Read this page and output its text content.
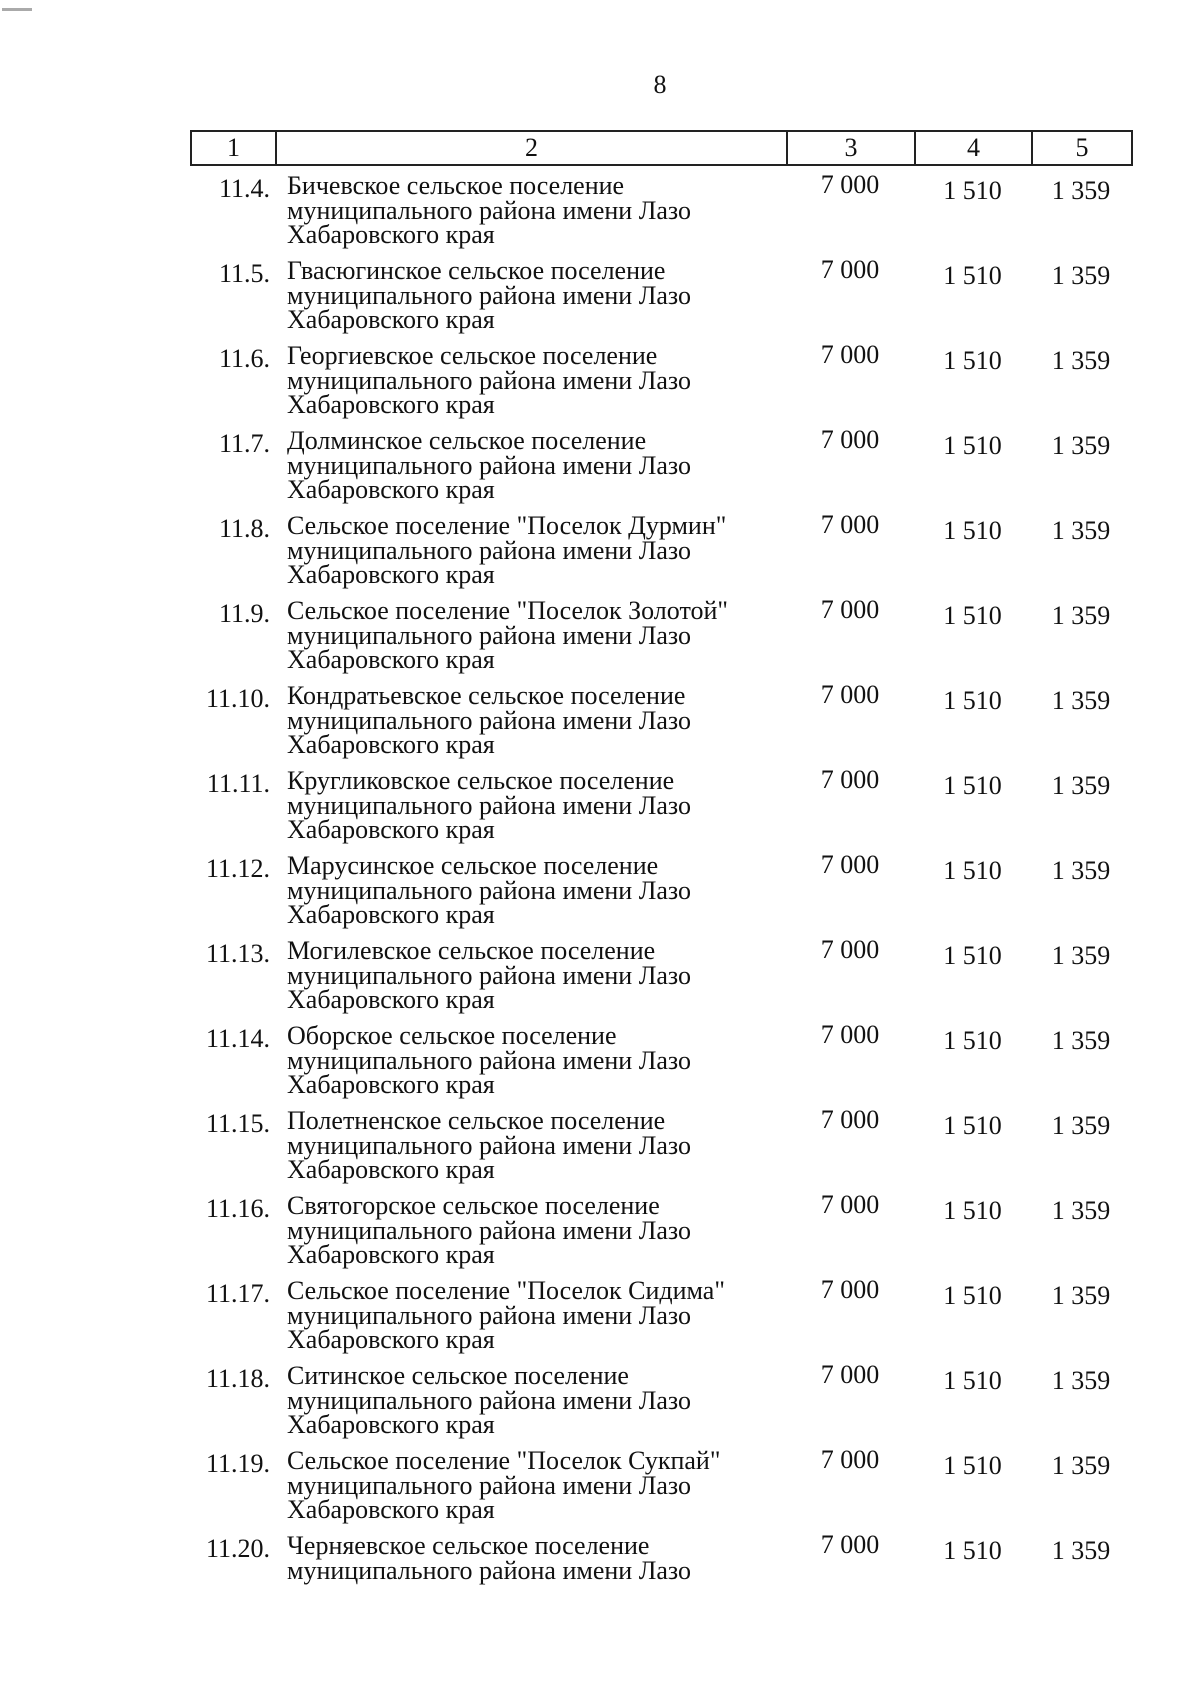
8
1	2	3	4	5
11.4. Бичевское сельское поселение
муниципального района имени Лазо
Хабаровского края
7 000	1 510	1 359
11.5. Гвасюгинское сельское поселение
муниципального района имени Лазо
Хабаровского края
7 000	1 510	1 359
11.6. Георгиевское сельское поселение
муниципального района имени Лазо
Хабаровского края
7 000	1 510	1 359
11.7. Долминское сельское поселение
муниципального района имени Лазо
Хабаровского края
7 000	1 510	1 359
11.8. Сельское поселение "Поселок Дурмин"
муниципального района имени Лазо
Хабаровского края
7 000	1 510	1 359
11.9. Сельское поселение "Поселок Золотой"
муниципального района имени Лазо
Хабаровского края
7 000	1 510	1 359
11.10. Кондратьевское сельское поселение
муниципального района имени Лазо
Хабаровского края
7 000	1 510	1 359
11.11. Кругликовское сельское поселение
муниципального района имени Лазо
Хабаровского края
7 000	1 510	1 359
11.12. Марусинское сельское поселение
муниципального района имени Лазо
Хабаровского края
7 000	1 510	1 359
11.13. Могилевское сельское поселение
муниципального района имени Лазо
Хабаровского края
7 000	1 510	1 359
11.14. Оборское сельское поселение
муниципального района имени Лазо
Хабаровского края
7 000	1 510	1 359
11.15. Полетненское сельское поселение
муниципального района имени Лазо
Хабаровского края
7 000	1 510	1 359
11.16. Святогорское сельское поселение
муниципального района имени Лазо
Хабаровского края
7 000	1 510	1 359
11.17. Сельское поселение "Поселок Сидима"
муниципального района имени Лазо
Хабаровского края
7 000	1 510	1 359
11.18. Ситинское сельское поселение
муниципального района имени Лазо
Хабаровского края
7 000	1 510	1 359
11.19. Сельское поселение "Поселок Сукпай"
муниципального района имени Лазо
Хабаровского края
7 000	1 510	1 359
11.20. Черняевское сельское поселение
муниципального района имени Лазо
7 000	1 510	1 359
